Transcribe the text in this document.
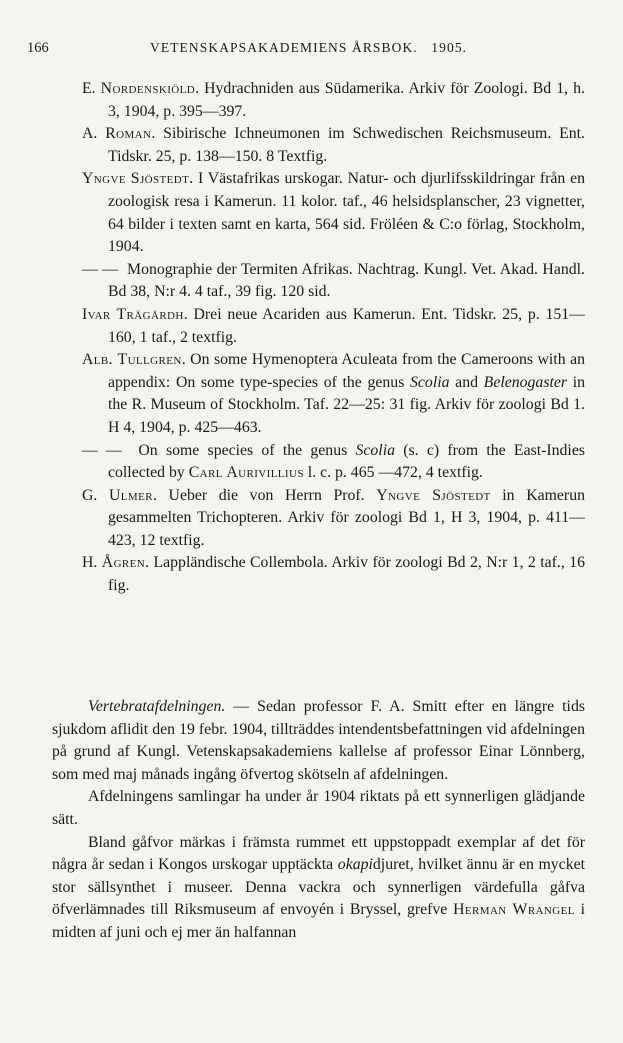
166	VETENSKAPSAKADEMIENS ÅRSBOK. 1905.

E. Nordenskiöld. Hydrachniden aus Südamerika. Arkiv för Zoologi. Bd 1, h. 3, 1904, p. 395—397.

A. Roman. Sibirische Ichneumonen im Schwedischen Reichsmuseum. Ent. Tidskr. 25, p. 138—150. 8 Textfig.

Yngve Sjöstedt. I Västafrikas urskogar. Natur- och djurlifsskildringar från en zoologisk resa i Kamerun. 11 kolor. taf., 46 helsidsplanscher, 23 vignetter, 64 bilder i texten samt en karta, 564 sid. Fröléen & C:o förlag, Stockholm, 1904.

— — Monographie der Termiten Afrikas. Nachtrag. Kungl. Vet. Akad. Handl. Bd 38, N:r 4. 4 taf., 39 fig. 120 sid.

Ivar Trägårdh. Drei neue Acariden aus Kamerun. Ent. Tidskr. 25, p. 151—160, 1 taf., 2 textfig.

Alb. Tullgren. On some Hymenoptera Aculeata from the Cameroons with an appendix: On some type-species of the genus Scolia and Belenogaster in the R. Museum of Stockholm. Taf. 22—25: 31 fig. Arkiv för zoologi Bd 1. H 4, 1904, p. 425—463.

— — On some species of the genus Scolia (s. c) from the East-Indies collected by Carl Aurivillius l. c. p. 465 —472, 4 textfig.

G. Ulmer. Ueber die von Herrn Prof. Yngve Sjöstedt in Kamerun gesammelten Trichopteren. Arkiv för zoologi Bd 1, H 3, 1904, p. 411—423, 12 textfig.

H. Ågren. Lappländische Collembola. Arkiv för zoologi Bd 2, N:r 1, 2 taf., 16 fig.

Vertebratafdelningen. — Sedan professor F. A. Smitt efter en längre tids sjukdom aflidit den 19 febr. 1904, tillträddes intendentsbefattningen vid afdelningen på grund af Kungl. Vetenskapsakademiens kallelse af professor Einar Lönnberg, som med maj månads ingång öfvertog skötseln af afdelningen.

Afdelningens samlingar ha under år 1904 riktats på ett synnerligen glädjande sätt.

Bland gåfvor märkas i främsta rummet ett uppstoppadt exemplar af det för några år sedan i Kongos urskogar upptäckta okapidjuret, hvilket ännu är en mycket stor sällsynthet i museer. Denna vackra och synnerligen värdefulla gåfva öfverlämnades till Riksmuseum af envoyén i Bryssel, grefve Herman Wrangel i midten af juni och ej mer än halfannan
